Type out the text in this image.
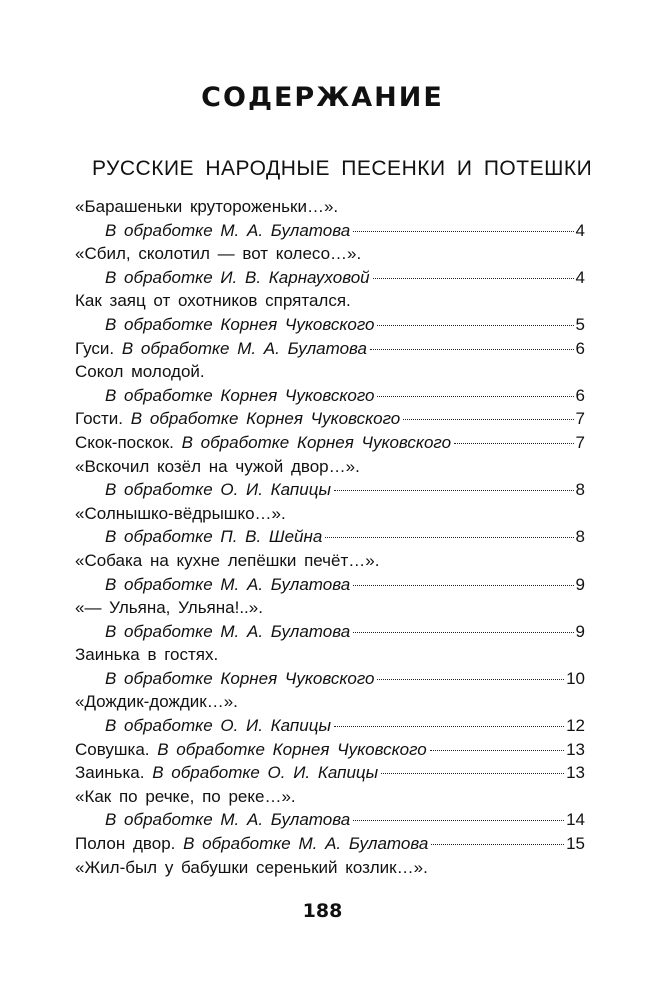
СОДЕРЖАНИЕ
РУССКИЕ НАРОДНЫЕ ПЕСЕНКИ И ПОТЕШКИ
«Барашеньки крутороженьки…».
В обработке М. А. Булатова	4
«Сбил, сколотил — вот колесо…».
В обработке И. В. Карнауховой	4
Как заяц от охотников спрятался.
В обработке Корнея Чуковского	5
Гуси. В обработке М. А. Булатова	6
Сокол молодой.
В обработке Корнея Чуковского	6
Гости. В обработке Корнея Чуковского	7
Скок-поскок. В обработке Корнея Чуковского	7
«Вскочил козёл на чужой двор…».
В обработке О. И. Капицы	8
«Солнышко-вёдрышко…».
В обработке П. В. Шейна	8
«Собака на кухне лепёшки печёт…».
В обработке М. А. Булатова	9
«— Ульяна, Ульяна!..».
В обработке М. А. Булатова	9
Заинька в гостях.
В обработке Корнея Чуковского	10
«Дождик-дождик…».
В обработке О. И. Капицы	12
Совушка. В обработке Корнея Чуковского	13
Заинька. В обработке О. И. Капицы	13
«Как по речке, по реке…».
В обработке М. А. Булатова	14
Полон двор. В обработке М. А. Булатова	15
«Жил-был у бабушки серенький козлик…».
188
